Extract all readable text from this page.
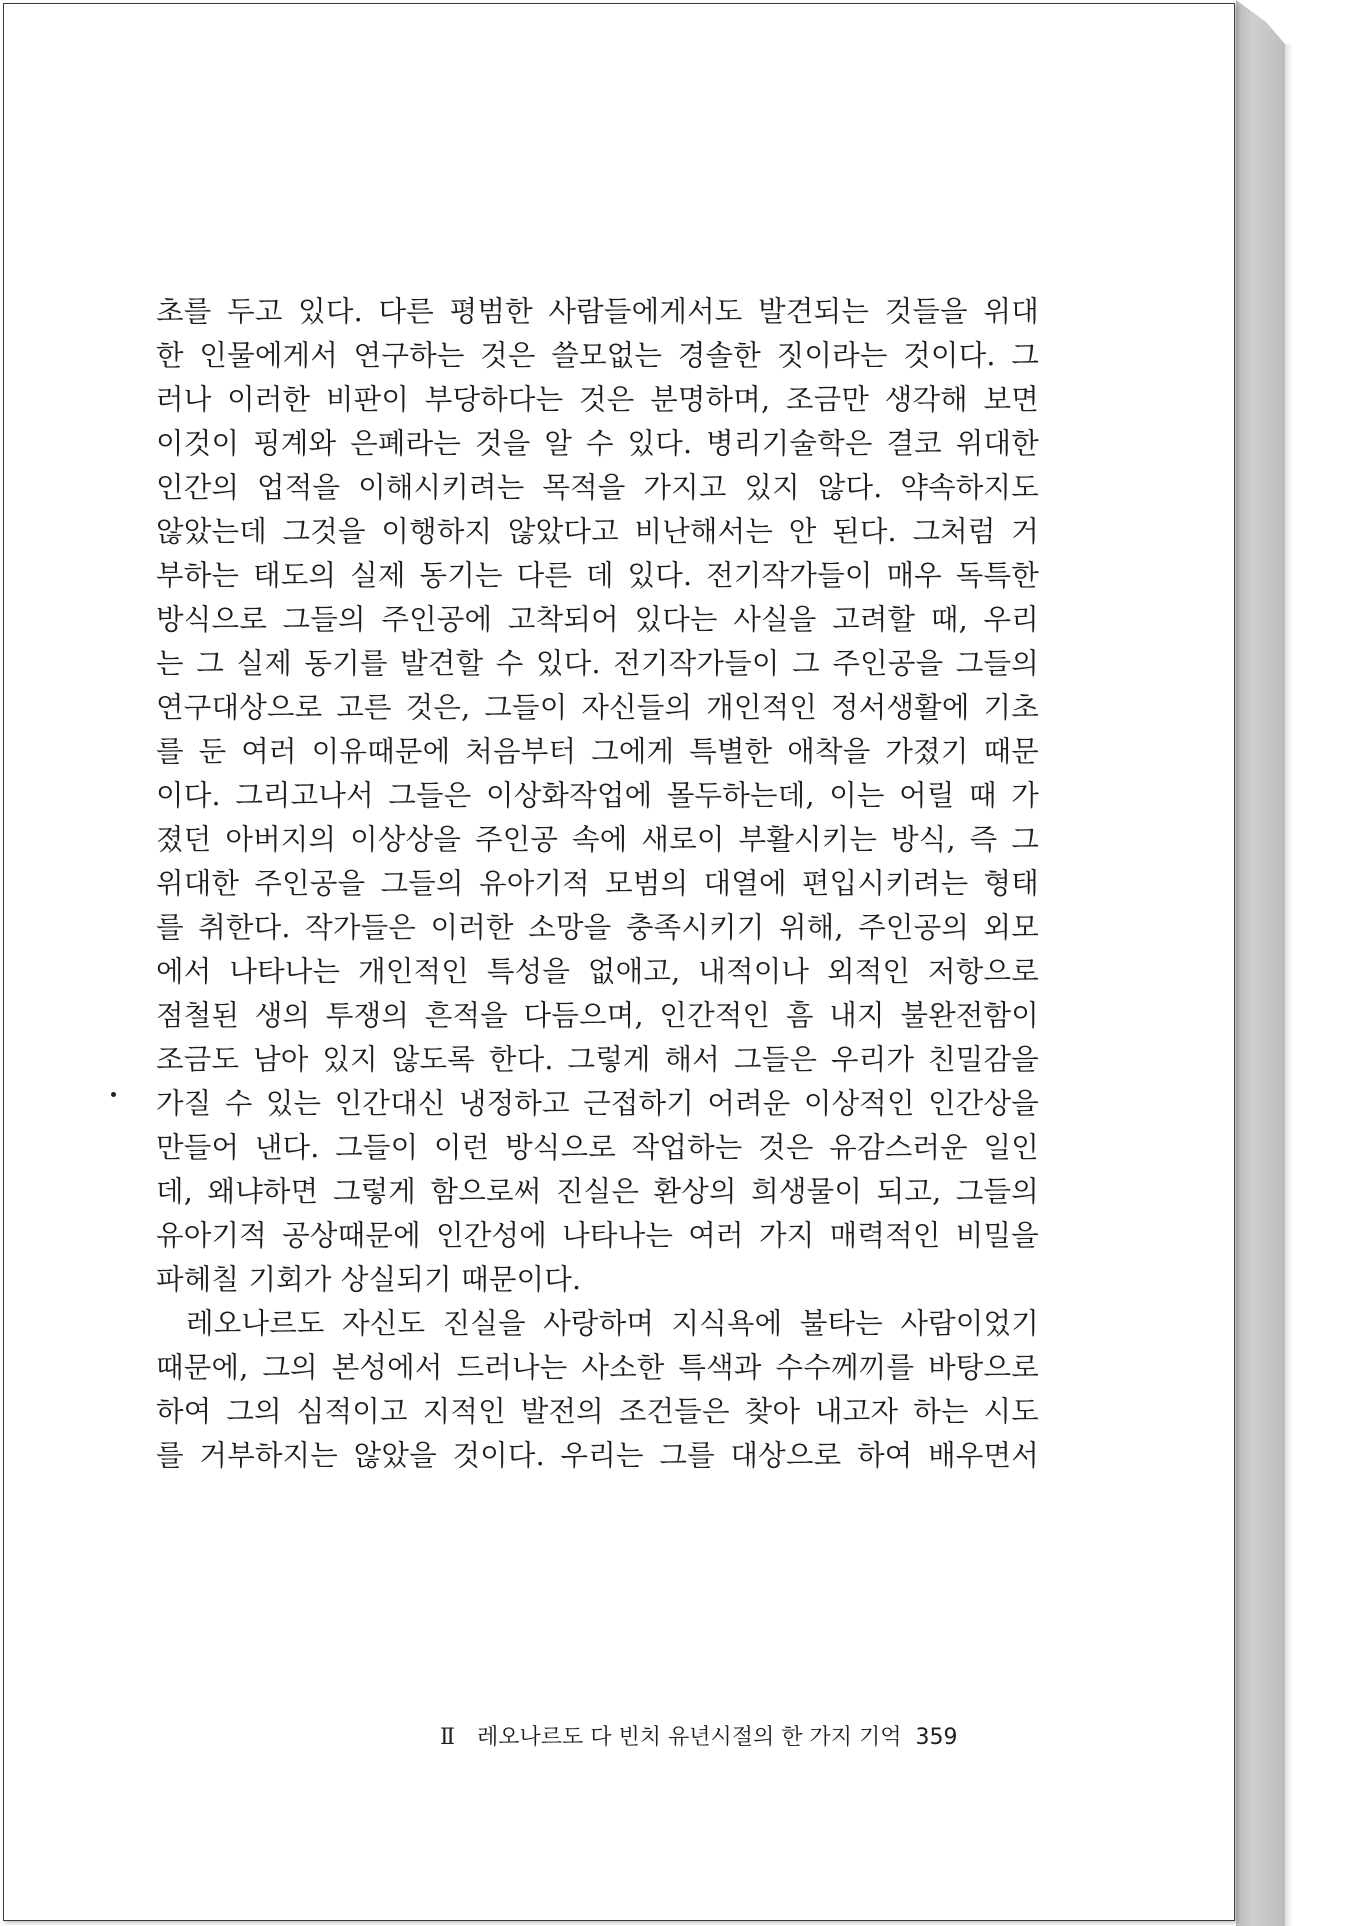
초를 두고 있다. 다른 평범한 사람들에게서도 발견되는 것들을 위대
한 인물에게서 연구하는 것은 쓸모없는 경솔한 짓이라는 것이다. 그
러나 이러한 비판이 부당하다는 것은 분명하며, 조금만 생각해 보면
이것이 핑계와 은폐라는 것을 알 수 있다. 병리기술학은 결코 위대한
인간의 업적을 이해시키려는 목적을 가지고 있지 않다. 약속하지도
않았는데 그것을 이행하지 않았다고 비난해서는 안 된다. 그처럼 거
부하는 태도의 실제 동기는 다른 데 있다. 전기작가들이 매우 독특한
방식으로 그들의 주인공에 고착되어 있다는 사실을 고려할 때, 우리
는 그 실제 동기를 발견할 수 있다. 전기작가들이 그 주인공을 그들의
연구대상으로 고른 것은, 그들이 자신들의 개인적인 정서생활에 기초
를 둔 여러 이유때문에 처음부터 그에게 특별한 애착을 가졌기 때문
이다. 그리고나서 그들은 이상화작업에 몰두하는데, 이는 어릴 때 가
졌던 아버지의 이상상을 주인공 속에 새로이 부활시키는 방식, 즉 그
위대한 주인공을 그들의 유아기적 모범의 대열에 편입시키려는 형태
를 취한다. 작가들은 이러한 소망을 충족시키기 위해, 주인공의 외모
에서 나타나는 개인적인 특성을 없애고, 내적이나 외적인 저항으로
점철된 생의 투쟁의 흔적을 다듬으며, 인간적인 흠 내지 불완전함이
조금도 남아 있지 않도록 한다. 그렇게 해서 그들은 우리가 친밀감을
가질 수 있는 인간대신 냉정하고 근접하기 어려운 이상적인 인간상을
만들어 낸다. 그들이 이런 방식으로 작업하는 것은 유감스러운 일인
데, 왜냐하면 그렇게 함으로써 진실은 환상의 희생물이 되고, 그들의
유아기적 공상때문에 인간성에 나타나는 여러 가지 매력적인 비밀을
파헤칠 기회가 상실되기 때문이다.
레오나르도 자신도 진실을 사랑하며 지식욕에 불타는 사람이었기
때문에, 그의 본성에서 드러나는 사소한 특색과 수수께끼를 바탕으로
하여 그의 심적이고 지적인 발전의 조건들은 찾아 내고자 하는 시도
를 거부하지는 않았을 것이다. 우리는 그를 대상으로 하여 배우면서
Ⅱ 레오나르도 다 빈치 유년시절의 한 가지 기억 359
